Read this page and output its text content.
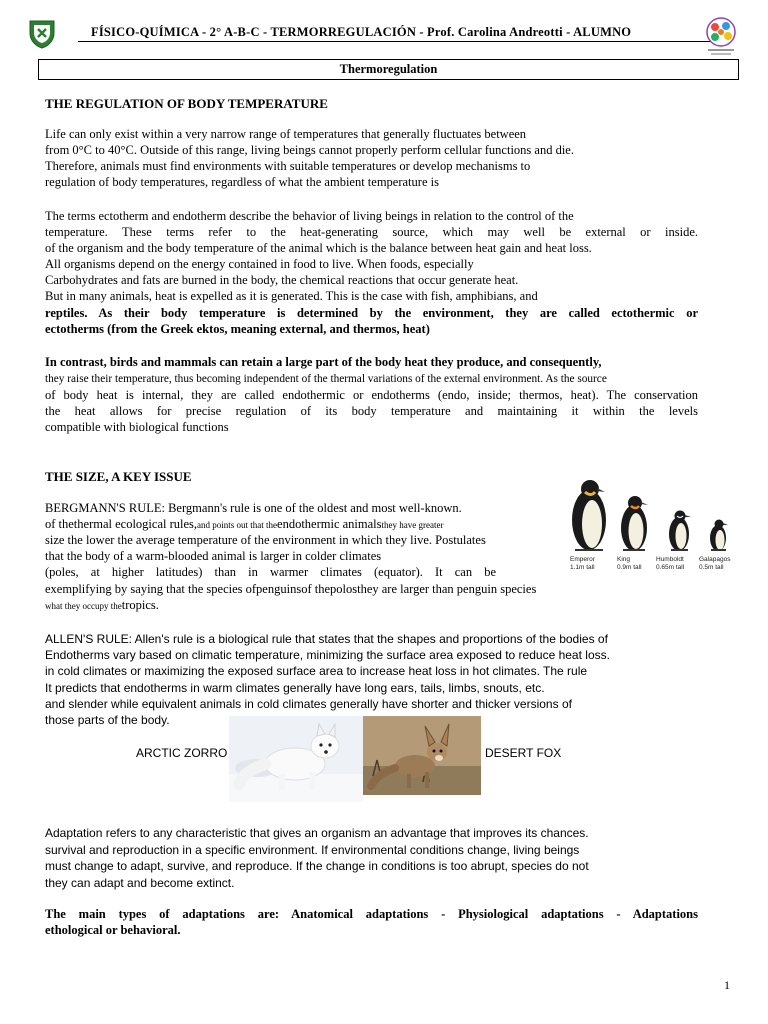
FÍSICO-QUÍMICA - 2° A-B-C - TERMORREGULACIÓN - Prof. Carolina Andreotti - ALUMNO
Thermoregulation
THE REGULATION OF BODY TEMPERATURE
Life can only exist within a very narrow range of temperatures that generally fluctuates between
from 0°C to 40°C. Outside of this range, living beings cannot properly perform cellular functions and die.
Therefore, animals must find environments with suitable temperatures or develop mechanisms to
regulation of body temperatures, regardless of what the ambient temperature is
The terms ectotherm and endotherm describe the behavior of living beings in relation to the control of the
temperature. These terms refer to the heat-generating source, which may well be external or inside.
of the organism and the body temperature of the animal which is the balance between heat gain and heat loss.
All organisms depend on the energy contained in food to live. When foods, especially
Carbohydrates and fats are burned in the body, the chemical reactions that occur generate heat.
But in many animals, heat is expelled as it is generated. This is the case with fish, amphibians, and
reptiles. As their body temperature is determined by the environment, they are called ectothermic or
ectotherms (from the Greek ektos, meaning external, and thermos, heat)
In contrast, birds and mammals can retain a large part of the body heat they produce, and consequently,
they raise their temperature, thus becoming independent of the thermal variations of the external environment. As the source
of body heat is internal, they are called endothermic or endotherms (endo, inside; thermos, heat). The conservation
the heat allows for precise regulation of its body temperature and maintaining it within the levels
compatible with biological functions
THE SIZE, A KEY ISSUE
BERGMANN'S RULE: Bergmann's rule is one of the oldest and most well-known.
of thethermal ecological rules,and points out that theendothermic animalsthey have greater
size the lower the average temperature of the environment in which they live. Postulates
that the body of a warm-blooded animal is larger in colder climates
(poles, at higher latitudes) than in warmer climates (equator). It can be
exemplifying by saying that the species ofpenguinsof thepolosthey are larger than penguin species
what they occupy thetropics.
Emperor
1.1m tall
King
0.9m tall
Humboldt
0.65m tall
Galapagos
0.5m tall
ALLEN'S RULE: Allen's rule is a biological rule that states that the shapes and proportions of the bodies of
Endotherms vary based on climatic temperature, minimizing the surface area exposed to reduce heat loss.
in cold climates or maximizing the exposed surface area to increase heat loss in hot climates. The rule
It predicts that endotherms in warm climates generally have long ears, tails, limbs, snouts, etc.
and slender while equivalent animals in cold climates generally have shorter and thicker versions of
those parts of the body.
ARCTIC ZORRO	DESERT FOX
Adaptation refers to any characteristic that gives an organism an advantage that improves its chances.
survival and reproduction in a specific environment. If environmental conditions change, living beings
must change to adapt, survive, and reproduce. If the change in conditions is too abrupt, species do not
they can adapt and become extinct.
The main types of adaptations are: Anatomical adaptations - Physiological adaptations - Adaptations
ethological or behavioral.
1
